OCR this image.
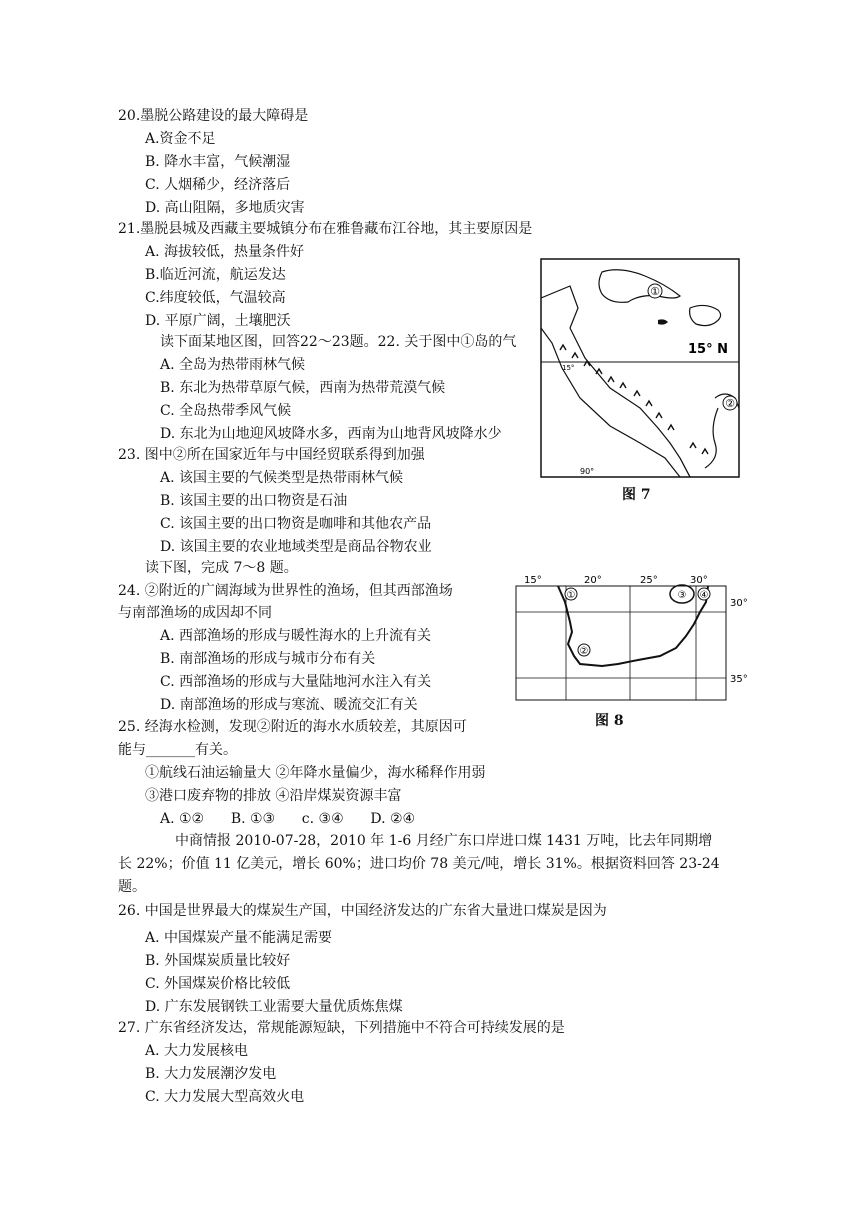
20.墨脱公路建设的最大障碍是
A.资金不足
B. 降水丰富，气候潮湿
C. 人烟稀少，经济落后
D. 高山阻隔，多地质灾害
21.墨脱县城及西藏主要城镇分布在雅鲁藏布江谷地，其主要原因是
A. 海拔较低，热量条件好
B.临近河流，航运发达
C.纬度较低，气温较高
D. 平原广阔，土壤肥沃
读下面某地区图，回答22～23题。22. 关于图中①岛的气
A. 全岛为热带雨林气候
B. 东北为热带草原气候，西南为热带荒漠气候
C. 全岛热带季风气候
D. 东北为山地迎风坡降水多，西南为山地背风坡降水少
23. 图中②所在国家近年与中国经贸联系得到加强
A. 该国主要的气候类型是热带雨林气候
B. 该国主要的出口物资是石油
C. 该国主要的出口物资是咖啡和其他农产品
D. 该国主要的农业地域类型是商品谷物农业
读下图，完成 7～8 题。
24. ②附近的广阔海域为世界性的渔场，但其西部渔场
与南部渔场的成因却不同
A. 西部渔场的形成与暖性海水的上升流有关
B. 南部渔场的形成与城市分布有关
C. 西部渔场的形成与大量陆地河水注入有关
D. 南部渔场的形成与寒流、暖流交汇有关
25. 经海水检测，发现②附近的海水水质较差，其原因可
能与_______有关。
①航线石油运输量大 ②年降水量偏少，海水稀释作用弱
③港口废弃物的排放 ④沿岸煤炭资源丰富
A. ①②      B. ①③      c. ③④      D. ②④
中商情报 2010-07-28，2010 年 1-6 月经广东口岸进口煤 1431 万吨，比去年同期增
长 22%；价值 11 亿美元，增长 60%；进口均价 78 美元/吨，增长 31%。根据资料回答 23-24
题。
26. 中国是世界最大的煤炭生产国，中国经济发达的广东省大量进口煤炭是因为
A. 中国煤炭产量不能满足需要
B. 外国煤炭质量比较好
C. 外国煤炭价格比较低
D. 广东发展钢铁工业需要大量优质炼焦煤
27. 广东省经济发达，常规能源短缺，下列措施中不符合可持续发展的是
A. 大力发展核电
B. 大力发展潮汐发电
C. 大力发展大型高效火电
①
②
15° N
15°
90°
图 7
①
②
③ ④
15°	20°	25°	30°
30°
35°
图 8
